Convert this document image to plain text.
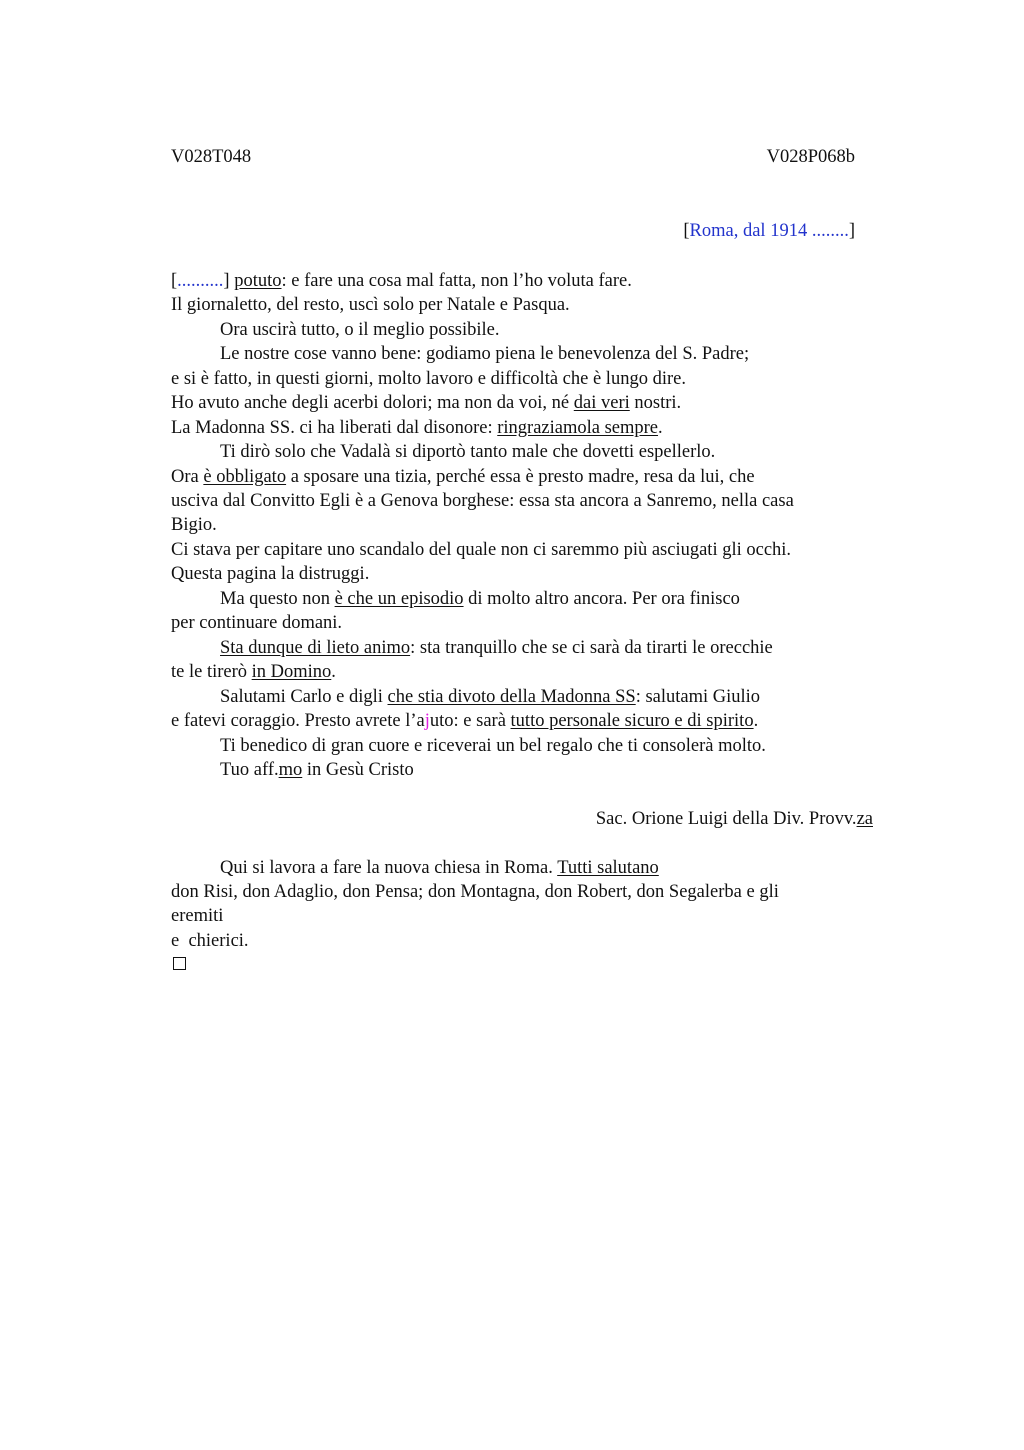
V028T048	V028P068b
[Roma, dal 1914 ........]
[..........] potuto: e fare una cosa mal fatta, non l’ho voluta fare.
Il giornaletto, del resto, uscì solo per Natale e Pasqua.
Ora uscirà tutto, o il meglio possibile.
Le nostre cose vanno bene: godiamo piena le benevolenza del S. Padre;
e si è fatto, in questi giorni, molto lavoro e difficoltà che è lungo dire.
Ho avuto anche degli acerbi dolori; ma non da voi, né dai veri nostri.
La Madonna SS. ci ha liberati dal disonore: ringraziamola sempre.
Ti dirò solo che Vadalà si diportò tanto male che dovetti espellerlo.
Ora è obbligato a sposare una tizia, perché essa è presto madre, resa da lui, che
usciva dal Convitto Egli è a Genova borghese: essa sta ancora a Sanremo, nella casa
Bigio.
Ci stava per capitare uno scandalo del quale non ci saremmo più asciugati gli occhi.
Questa pagina la distruggi.
Ma questo non è che un episodio di molto altro ancora. Per ora finisco
per continuare domani.
Sta dunque di lieto animo: sta tranquillo che se ci sarà da tirarti le orecchie
te le tirerò in Domino.
Salutami Carlo e digli che stia divoto della Madonna SS: salutami Giulio
e fatevi coraggio. Presto avrete l’ajuto: e sarà tutto personale sicuro e di spirito.
Ti benedico di gran cuore e riceverai un bel regalo che ti consolerà molto.
Tuo aff.mo in Gesù Cristo
Sac. Orione Luigi della Div. Provv.za
Qui si lavora a fare la nuova chiesa in Roma. Tutti salutano
don Risi, don Adaglio, don Pensa; don Montagna, don Robert, don Segalerba e gli
eremiti
e  chierici.
